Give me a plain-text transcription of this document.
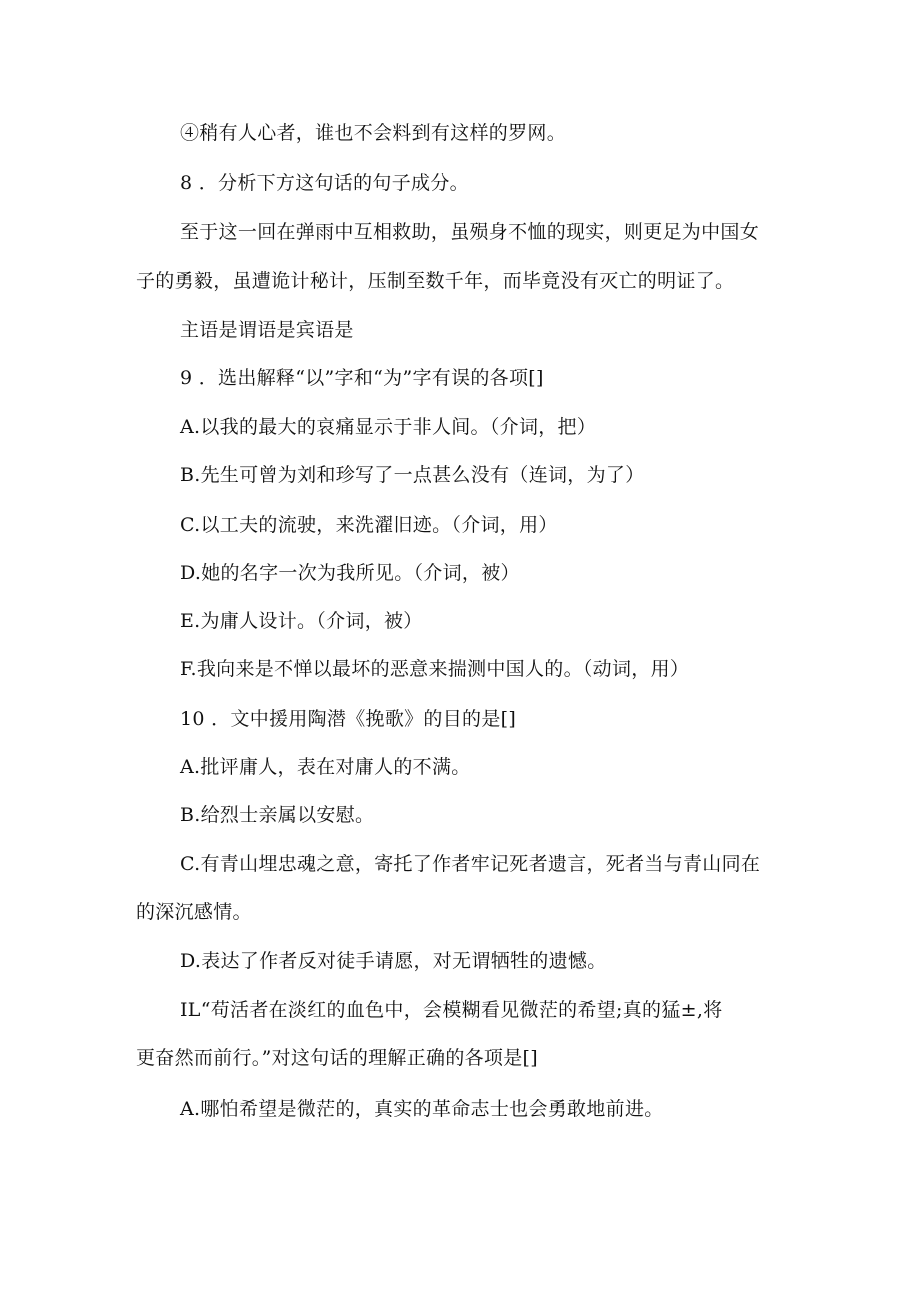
④稍有人心者，谁也不会料到有这样的罗网。
8 ．分析下方这句话的句子成分。
至于这一回在弹雨中互相救助，虽殒身不恤的现实，则更足为中国女
子的勇毅，虽遭诡计秘计，压制至数千年，而毕竟没有灭亡的明证了。
主语是谓语是宾语是
9 ．选出解释“以”字和“为”字有误的各项[]
A.以我的最大的哀痛显示于非人间。（介词，把）
B.先生可曾为刘和珍写了一点甚么没有（连词，为了）
C.以工夫的流驶，来洗濯旧迹。（介词，用）
D.她的名字一次为我所见。（介词，被）
E.为庸人设计。（介词，被）
F.我向来是不惮以最坏的恶意来揣测中国人的。（动词，用）
10 ．文中援用陶潜《挽歌》的目的是[]
A.批评庸人，表在对庸人的不满。
B.给烈士亲属以安慰。
C.有青山埋忠魂之意，寄托了作者牢记死者遗言，死者当与青山同在
的深沉感情。
D.表达了作者反对徒手请愿，对无谓牺牲的遗憾。
IL“苟活者在淡红的血色中，会模糊看见微茫的希望;真的猛±,将
更奋然而前行。”对这句话的理解正确的各项是[]
A.哪怕希望是微茫的，真实的革命志士也会勇敢地前进。
